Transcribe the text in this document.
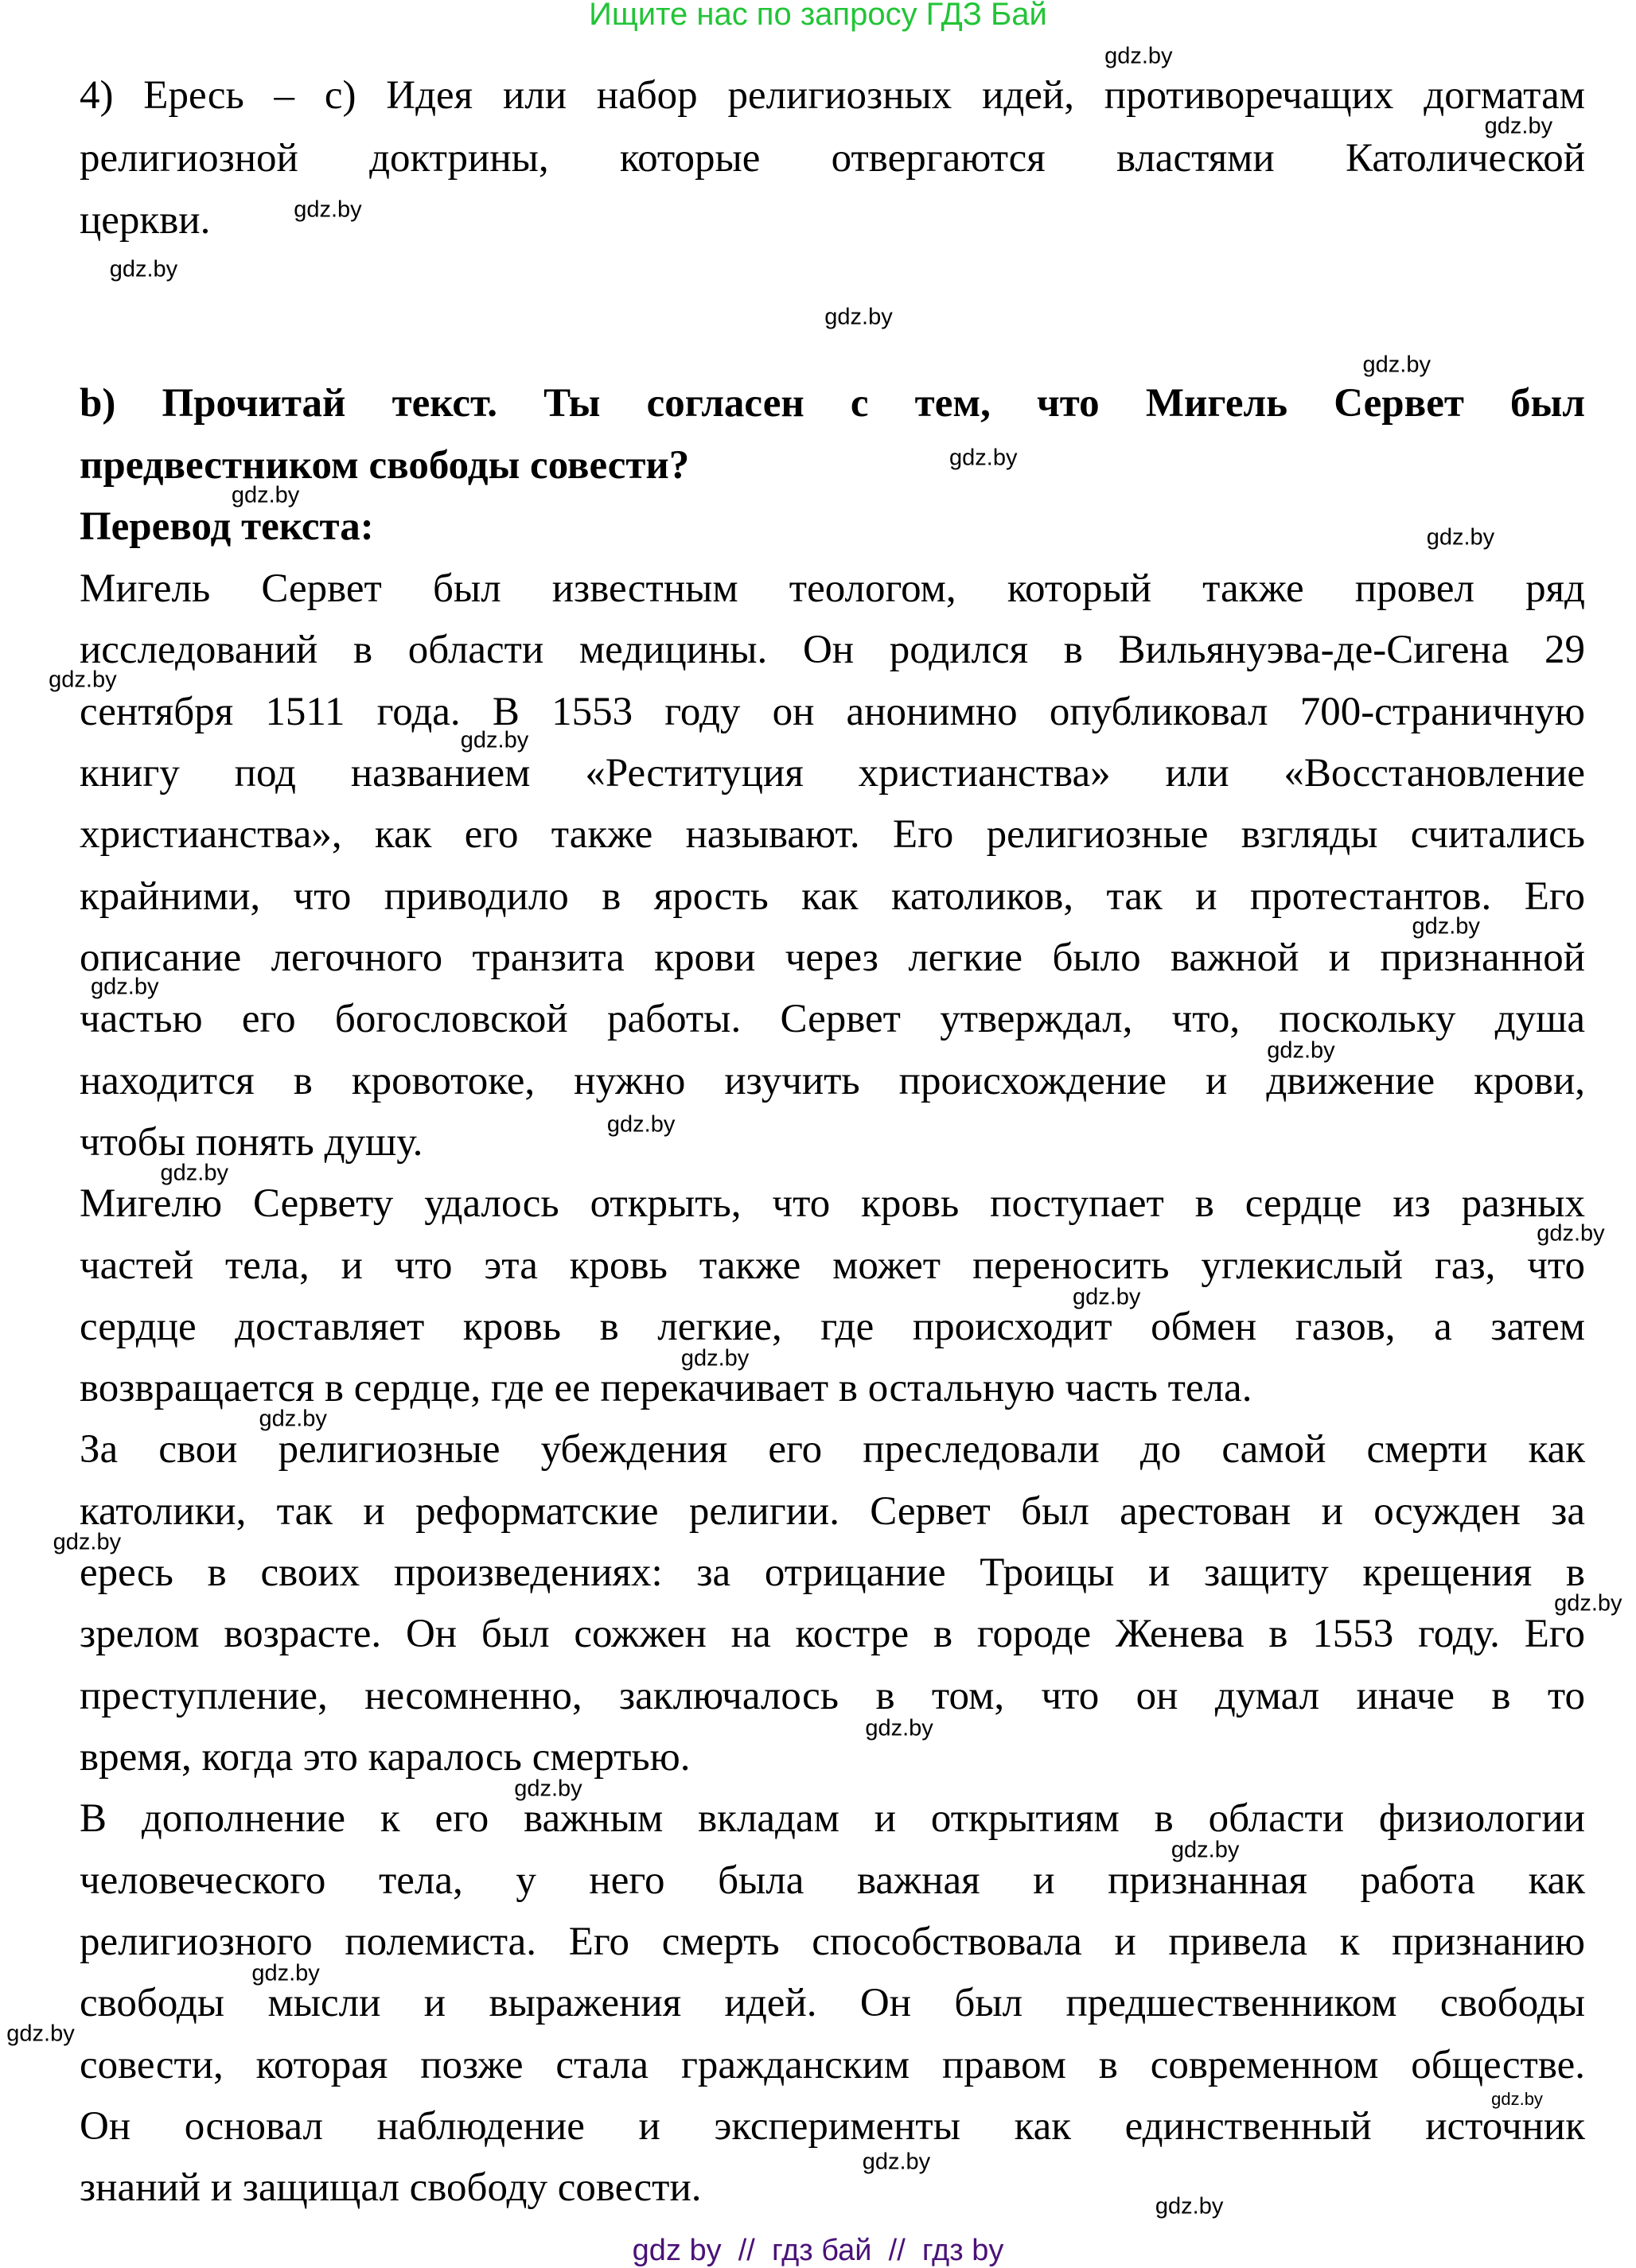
Ищите нас по запросу ГДЗ Бай
4) Ересь – c) Идея или набор религиозных идей, противоречащих догматам
религиозной доктрины, которые отвергаются властями Католической
церкви.
b) Прочитай текст. Ты согласен с тем, что Мигель Сервет был
предвестником свободы совести?
Перевод текста:
Мигель Сервет был известным теологом, который также провел ряд
исследований в области медицины. Он родился в Вильянуэва-де-Сигена 29
сентября 1511 года. В 1553 году он анонимно опубликовал 700-страничную
книгу под названием «Реституция христианства» или «Восстановление
христианства», как его также называют. Его религиозные взгляды считались
крайними, что приводило в ярость как католиков, так и протестантов. Его
описание легочного транзита крови через легкие было важной и признанной
частью его богословской работы. Сервет утверждал, что, поскольку душа
находится в кровотоке, нужно изучить происхождение и движение крови,
чтобы понять душу.
Мигелю Сервету удалось открыть, что кровь поступает в сердце из разных
частей тела, и что эта кровь также может переносить углекислый газ, что
сердце доставляет кровь в легкие, где происходит обмен газов, а затем
возвращается в сердце, где ее перекачивает в остальную часть тела.
За свои религиозные убеждения его преследовали до самой смерти как
католики, так и реформатские религии. Сервет был арестован и осужден за
ересь в своих произведениях: за отрицание Троицы и защиту крещения в
зрелом возрасте. Он был сожжен на костре в городе Женева в 1553 году. Его
преступление, несомненно, заключалось в том, что он думал иначе в то
время, когда это каралось смертью.
В дополнение к его важным вкладам и открытиям в области физиологии
человеческого тела, у него была важная и признанная работа как
религиозного полемиста. Его смерть способствовала и привела к признанию
свободы мысли и выражения идей. Он был предшественником свободы
совести, которая позже стала гражданским правом в современном обществе.
Он основал наблюдение и эксперименты как единственный источник
знаний и защищал свободу совести.
gdz.by
gdz.by
gdz.by
gdz.by
gdz.by
gdz.by
gdz.by
gdz.by
gdz.by
gdz.by
gdz.by
gdz.by
gdz.by
gdz.by
gdz.by
gdz.by
gdz.by
gdz.by
gdz.by
gdz.by
gdz.by
gdz.by
gdz.by
gdz.by
gdz.by
gdz.by
gdz.by
gdz.by
gdz.by
gdz.by
gdz by  //  гдз бай  //  гдз by
